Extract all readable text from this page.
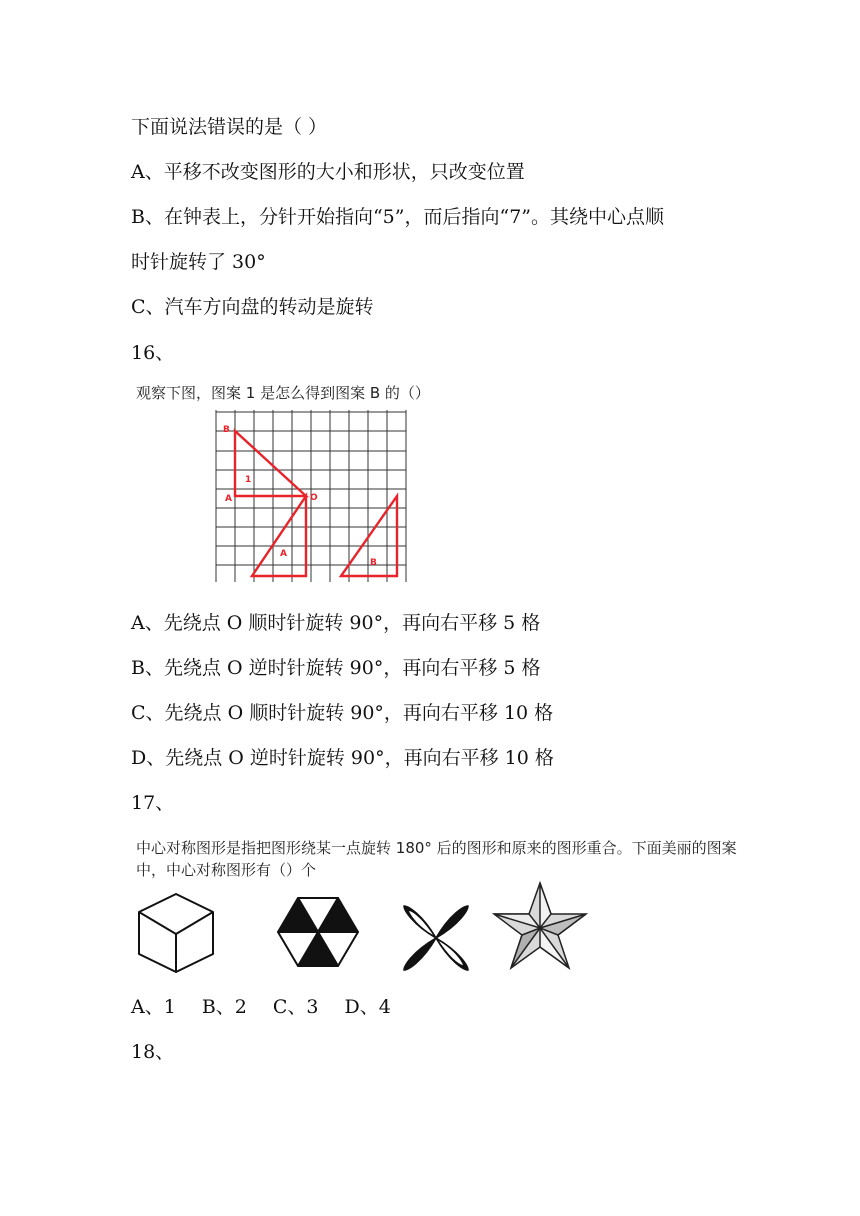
下面说法错误的是（ ）
A、平移不改变图形的大小和形状，只改变位置
B、在钟表上，分针开始指向“5”，而后指向“7”。其绕中心点顺
时针旋转了 30°
C、汽车方向盘的转动是旋转
16、
观察下图，图案 1 是怎么得到图案 B 的（）
B
1
A	O
A
B
A、先绕点 O 顺时针旋转 90°，再向右平移 5 格
B、先绕点 O 逆时针旋转 90°，再向右平移 5 格
C、先绕点 O 顺时针旋转 90°，再向右平移 10 格
D、先绕点 O 逆时针旋转 90°，再向右平移 10 格
17、
中心对称图形是指把图形绕某一点旋转 180° 后的图形和原来的图形重合。下面美丽的图案
中，中心对称图形有（）个
A、1 B、2 C、3 D、4
18、
